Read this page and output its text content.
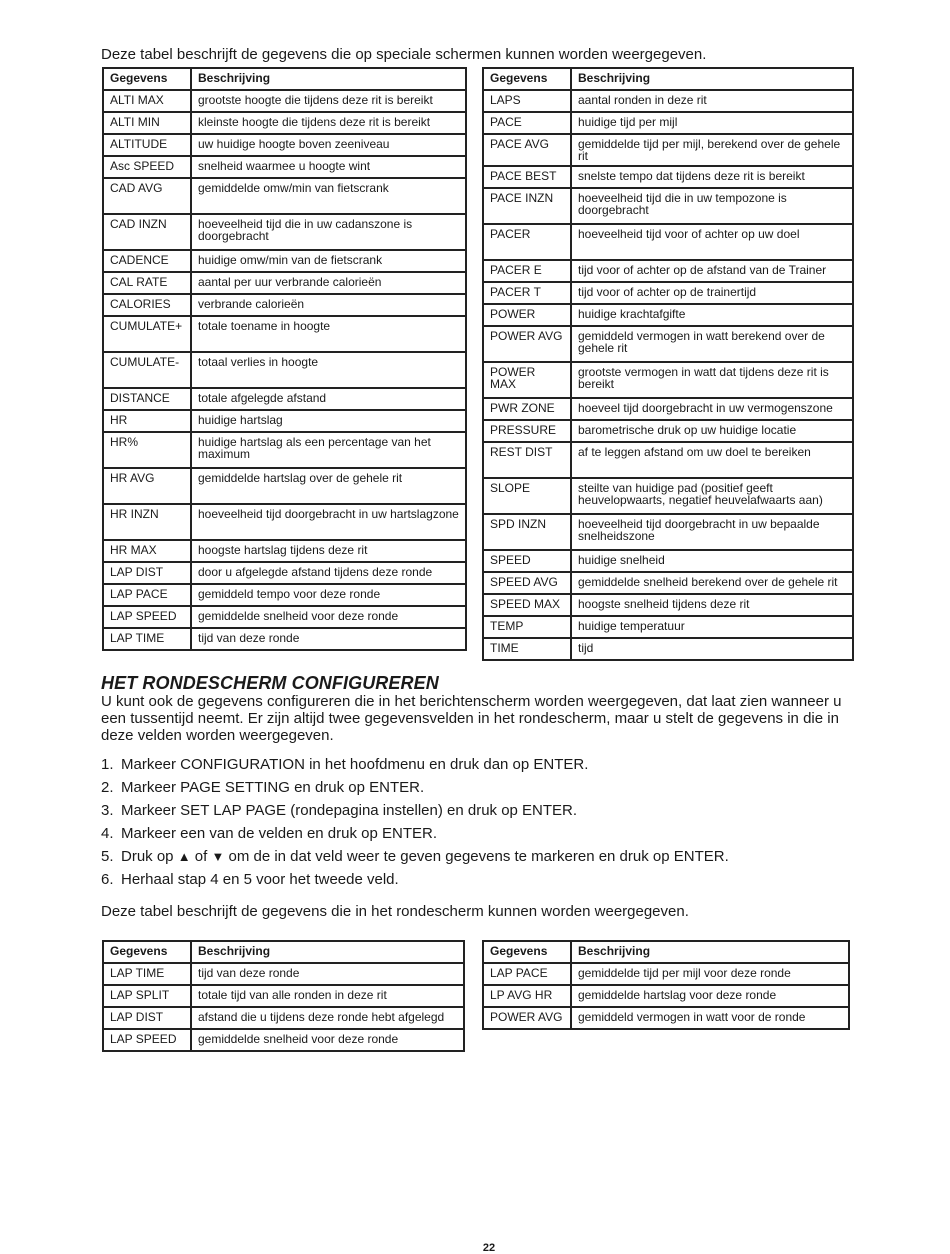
Deze tabel beschrijft de gegevens die op speciale schermen kunnen worden weergegeven.

Gegevens	Beschrijving
ALTI MAX	grootste hoogte die tijdens deze rit is bereikt
ALTI MIN	kleinste hoogte die tijdens deze rit is bereikt
ALTITUDE	uw huidige hoogte boven zeeniveau
Asc SPEED	snelheid waarmee u hoogte wint
CAD AVG	gemiddelde omw/min van fietscrank
CAD INZN	hoeveelheid tijd die in uw cadanszone is doorgebracht
CADENCE	huidige omw/min van de fietscrank
CAL RATE	aantal per uur verbrande calorieën
CALORIES	verbrande calorieën
CUMULATE+	totale toename in hoogte
CUMULATE-	totaal verlies in hoogte
DISTANCE	totale afgelegde afstand
HR	huidige hartslag
HR%	huidige hartslag als een percentage van het maximum
HR AVG	gemiddelde hartslag over de gehele rit
HR INZN	hoeveelheid tijd doorgebracht in uw hartslagzone
HR MAX	hoogste hartslag tijdens deze rit
LAP DIST	door u afgelegde afstand tijdens deze ronde
LAP PACE	gemiddeld tempo voor deze ronde
LAP SPEED	gemiddelde snelheid voor deze ronde
LAP TIME	tijd van deze ronde
Gegevens	Beschrijving
LAPS	aantal ronden in deze rit
PACE	huidige tijd per mijl
PACE AVG	gemiddelde tijd per mijl, berekend over de gehele rit
PACE BEST	snelste tempo dat tijdens deze rit is bereikt
PACE INZN	hoeveelheid tijd die in uw tempozone is doorgebracht
PACER	hoeveelheid tijd voor of achter op uw doel
PACER E	tijd voor of achter op de afstand van de Trainer
PACER T	tijd voor of achter op de trainertijd
POWER	huidige krachtafgifte
POWER AVG	gemiddeld vermogen in watt berekend over de gehele rit
POWER MAX	grootste vermogen in watt dat tijdens deze rit is bereikt
PWR ZONE	hoeveel tijd doorgebracht in uw vermogenszone
PRESSURE	barometrische druk op uw huidige locatie
REST DIST	af te leggen afstand om uw doel te bereiken
SLOPE	steilte van huidige pad (positief geeft heuvelopwaarts, negatief heuvelafwaarts aan)
SPD INZN	hoeveelheid tijd doorgebracht in uw bepaalde snelheidszone
SPEED	huidige snelheid
SPEED AVG	gemiddelde snelheid berekend over de gehele rit
SPEED MAX	hoogste snelheid tijdens deze rit
TEMP	huidige temperatuur
TIME	tijd
HET RONDESCHERM CONFIGUREREN

U kunt ook de gegevens configureren die in het berichtenscherm worden weergegeven, dat laat zien wanneer u een tussentijd neemt. Er zijn altijd twee gegevensvelden in het rondescherm, maar u stelt de gegevens in die in deze velden worden weergegeven.

1. Markeer CONFIGURATION in het hoofdmenu en druk dan op ENTER.
2. Markeer PAGE SETTING en druk op ENTER.
3. Markeer SET LAP PAGE (rondepagina instellen) en druk op ENTER.
4. Markeer een van de velden en druk op ENTER.
5. Druk op ▲ of ▼ om de in dat veld weer te geven gegevens te markeren en druk op ENTER.
6. Herhaal stap 4 en 5 voor het tweede veld.

Deze tabel beschrijft de gegevens die in het rondescherm kunnen worden weergegeven.

Gegevens	Beschrijving
LAP TIME	tijd van deze ronde
LAP SPLIT	totale tijd van alle ronden in deze rit
LAP DIST	afstand die u tijdens deze ronde hebt afgelegd
LAP SPEED	gemiddelde snelheid voor deze ronde
Gegevens	Beschrijving
LAP PACE	gemiddelde tijd per mijl voor deze ronde
LP AVG HR	gemiddelde hartslag voor deze ronde
POWER AVG	gemiddeld vermogen in watt voor de ronde

22
